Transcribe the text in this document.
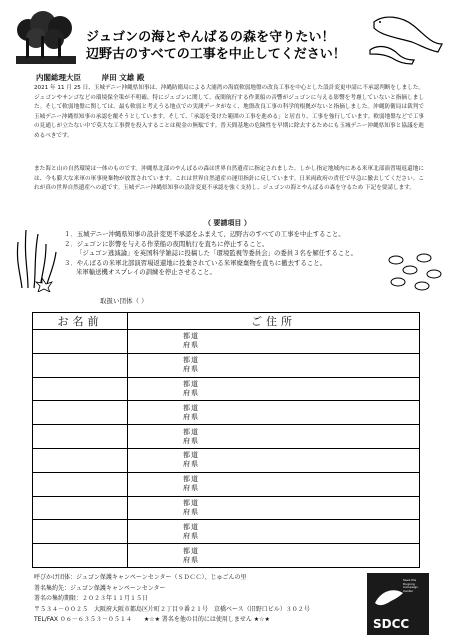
ジュゴンの海とやんばるの森を守りたい！
辺野古のすべての工事を中止してください！
内閣総理大臣	岸田 文雄 殿
2021 年 11 月 25 日、玉城デニー沖縄県知事は、沖縄防衛局による大浦湾の海底軟弱地盤の改良工事を中心とした設計変更申請に不承認判断をしました。ジュゴンやサンゴなどの環境保全策が不明確、特にジュゴンに関して、夜間航行する作業船の音響がジュゴンに与える影響を考慮していないと指摘しました。そして軟弱地盤に関しては、最も軟弱と考えうる地点での実測データがなく、地盤改良工事の科学的根拠がないと指摘しました。沖縄防衛局は裁判で玉城デニー沖縄県知事の承認を覆そうとしています。そして、「承認を受けた範囲の工事を進める」と居直り、工事を強行しています。軟弱地盤などで工事の見通しが立たない中で莫大な工事費を投入することは税金の無駄です。普天間基地の危険性を早期に除去するためにも玉城デニー沖縄県知事と協議を進めるべきです。
また海と山の自然環境は一体のものです。沖縄県北部のやんばるの森は世界自然遺産に指定されました。しかし指定地域内にある米軍北部演習場返還地には、今も膨大な米軍の軍事廃棄物が放置されています。これは世界自然遺産の運用指針に反しています。日米両政府の責任で早急に撤去してください。これが真の世界自然遺産への道です。玉城デニー沖縄県知事の設計変更不承認を強く支持し、ジュゴンの海とやんばるの森を守るため 下記を要請します。
（ 要請項目 ）
１．玉城デニー沖縄県知事の設計変更不承認をふまえて、辺野古のすべての工事を中止すること。
２．ジュゴンに影響を与える作業船の夜間航行を直ちに停止すること。
「ジュゴン逃減論」を英国科学雑誌に投稿した「環境監視等委員会」の委員３名を解任すること。
３．やんばるの米軍北部演習場返還地に投棄されている米軍廃棄物を直ちに撤去すること。
米軍輸送機オスプレイの訓練を停止させること。
取扱い団体（ ）
お名前	ご住所

	都道
府県

	都道
府県

	都道
府県

	都道
府県

	都道
府県

	都道
府県

	都道
府県

	都道
府県

	都道
府県

	都道
府県
呼びかけ団体：ジュゴン保護キャンペーンセンター（ＳＤＣＣ）、じゅごんの里
署名集約先：ジュゴン保護キャンペーンセンター
署名の集約期限：２０２３年１１月１５日
〒５３４－００２５　大阪府大阪市都島区片町２丁目９番２１号　京橋ベース（旧野口ビル）３０２号
TEL/FAX ０６－６３５３－０５１４　　★☆★ 署名を他の目的には使用しません ★☆★
Save the Dugong Campaign Center
SDCC
